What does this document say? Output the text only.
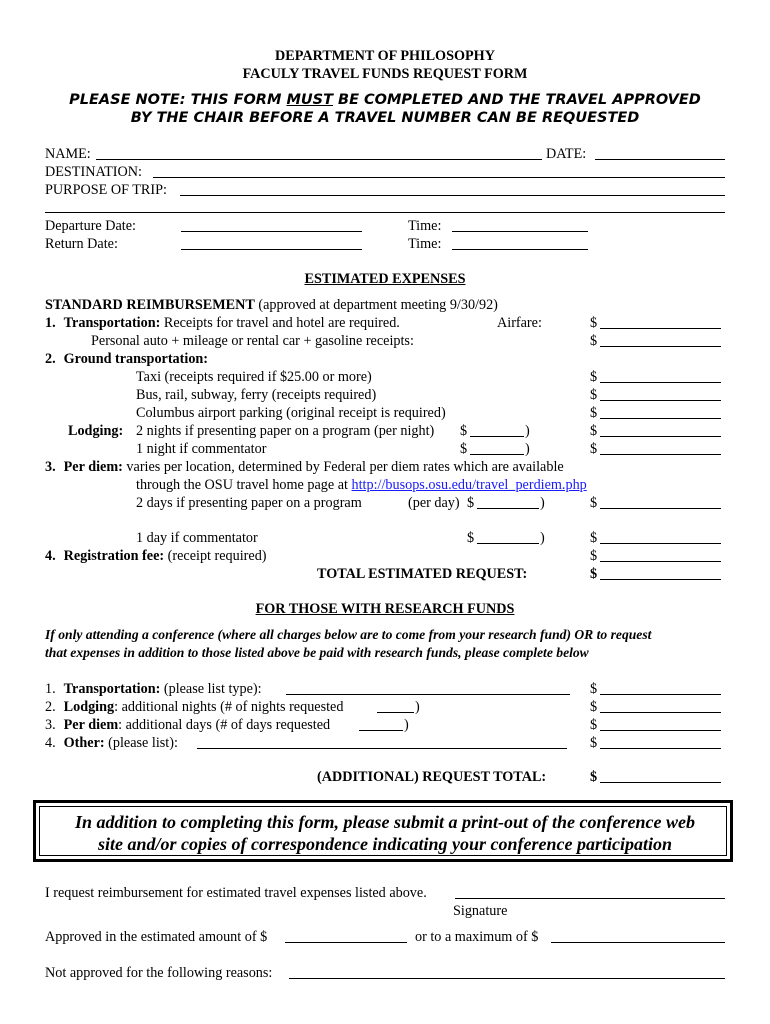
DEPARTMENT OF PHILOSOPHY
FACULY TRAVEL FUNDS REQUEST FORM
PLEASE NOTE: THIS FORM MUST BE COMPLETED AND THE TRAVEL APPROVED
BY THE CHAIR BEFORE A TRAVEL NUMBER CAN BE REQUESTED
NAME:	DATE:
DESTINATION:
PURPOSE OF TRIP:
Departure Date:	Time:
Return Date:	Time:
ESTIMATED EXPENSES
STANDARD REIMBURSEMENT (approved at department meeting 9/30/92)
1. Transportation: Receipts for travel and hotel are required.	Airfare:	$
Personal auto + mileage or rental car + gasoline receipts:	$
2. Ground transportation:
Taxi (receipts required if $25.00 or more)	$
Bus, rail, subway, ferry (receipts required)	$
Columbus airport parking (original receipt is required)	$
Lodging: 2 nights if presenting paper on a program (per night) $	)	$
1 night if commentator	$	)	$
3. Per diem: varies per location, determined by Federal per diem rates which are available
through the OSU travel home page at http://busops.osu.edu/travel_perdiem.php
2 days if presenting paper on a program	(per day) $	)	$
1 day if commentator	$	)	$
4. Registration fee: (receipt required)	$
TOTAL ESTIMATED REQUEST:	$
FOR THOSE WITH RESEARCH FUNDS
If only attending a conference (where all charges below are to come from your research fund) OR to request
that expenses in addition to those listed above be paid with research funds, please complete below
1. Transportation: (please list type):	$
2. Lodging: additional nights (# of nights requested	)	$
3. Per diem: additional days (# of days requested	)	$
4. Other: (please list):	$
(ADDITIONAL) REQUEST TOTAL:	$
In addition to completing this form, please submit a print-out of the conference web
site and/or copies of correspondence indicating your conference participation
I request reimbursement for estimated travel expenses listed above.
Signature
Approved in the estimated amount of $	or to a maximum of $
Not approved for the following reasons:
